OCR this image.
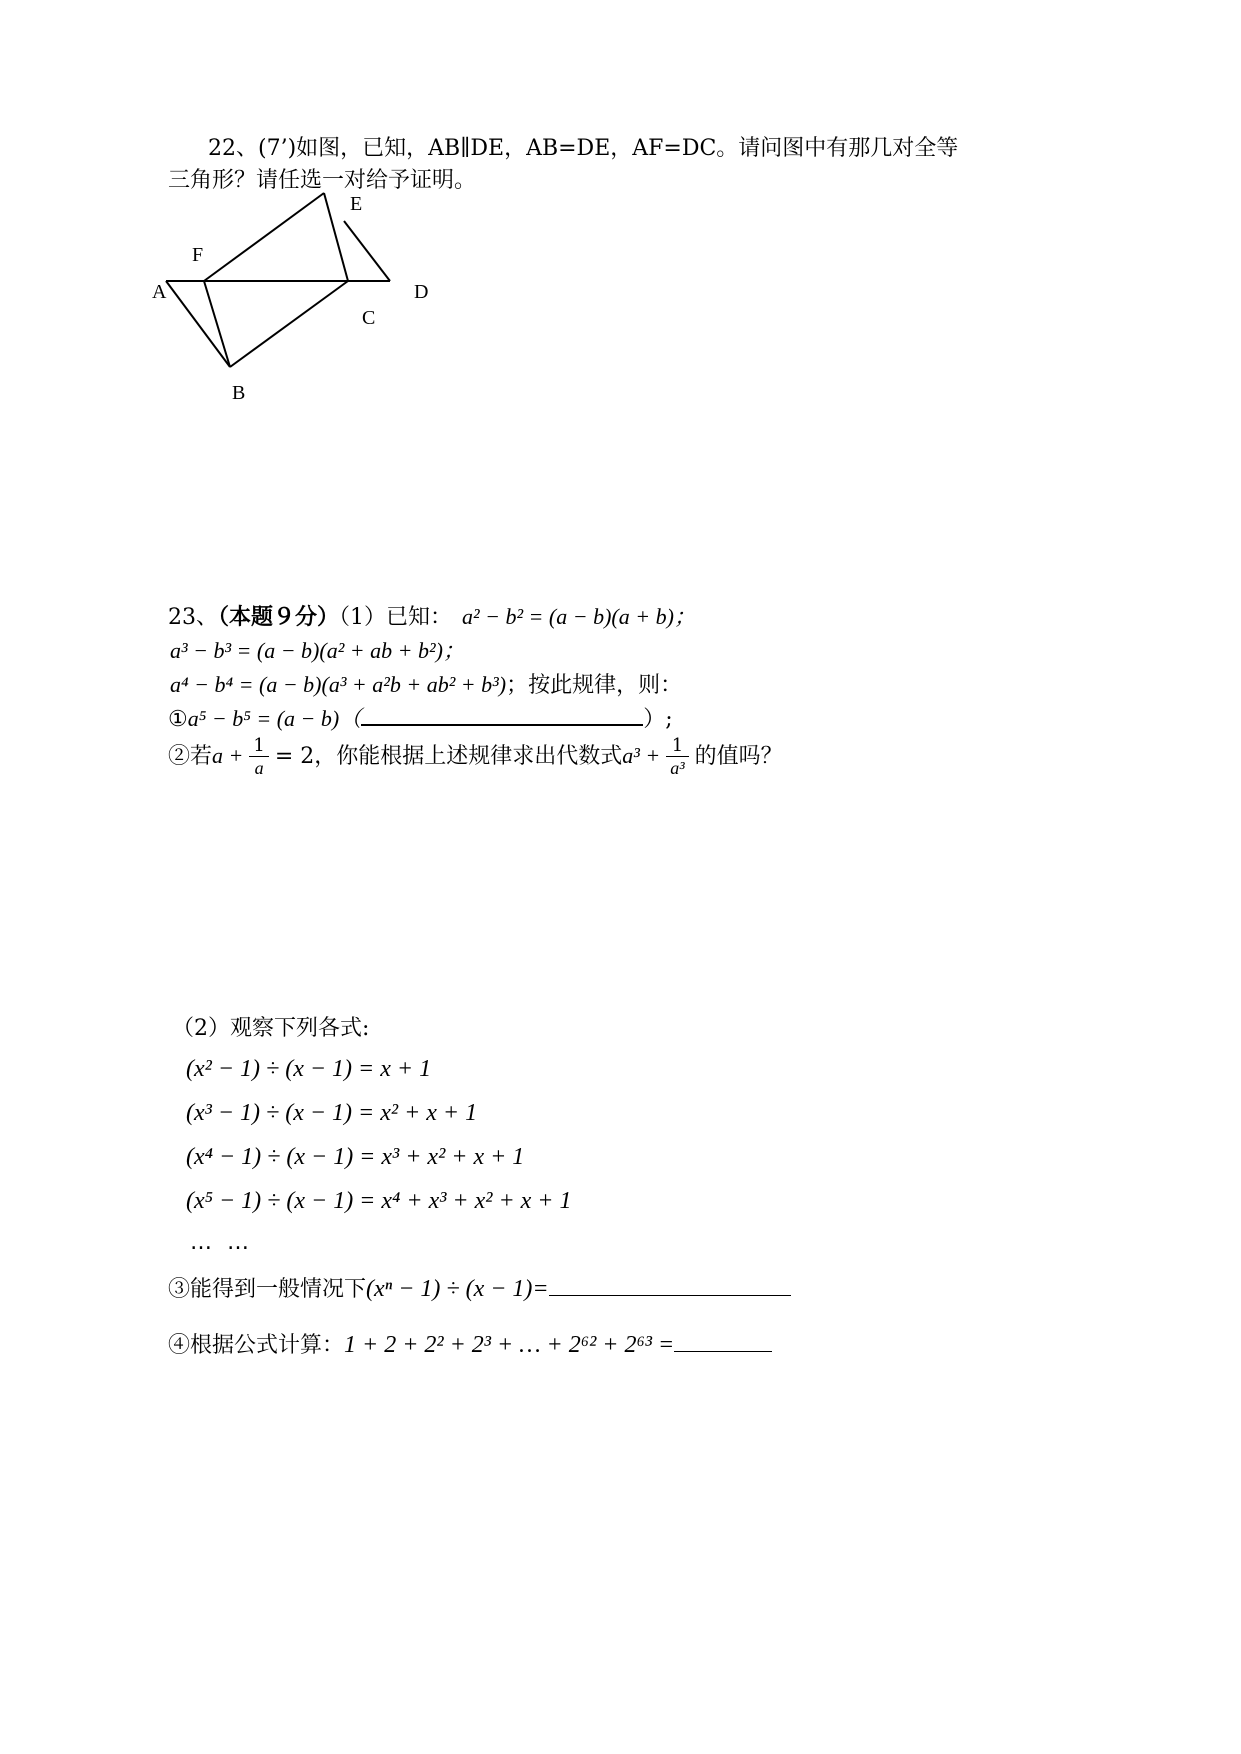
22、(7’)如图，已知，AB∥DE，AB=DE，AF=DC。请问图中有那几对全等
三角形？请任选一对给予证明。
E
F
A	D
C
B
23、（本题９分）（1）已知： a² − b² = (a − b)(a + b)；
a³ − b³ = (a − b)(a² + ab + b²)；
a⁴ − b⁴ = (a − b)(a³ + a²b + ab² + b³)；按此规律，则：
①a⁵ − b⁵ = (a − b)（	）;
②若$a + \frac{1}{a} = 2$，你能根据上述规律求出代数式$a^3 + \frac{1}{\text{a³}}$ 的值吗？
（2）观察下列各式:
(x² − 1) ÷ (x − 1) = x + 1
(x³ − 1) ÷ (x − 1) = x² + x + 1
(x⁴ − 1) ÷ (x − 1) = x³ + x² + x + 1
(x⁵ − 1) ÷ (x − 1) = x⁴ + x³ + x² + x + 1
… …
③能得到一般情况下(xⁿ − 1) ÷ (x − 1)=
④根据公式计算：1 + 2 + 2² + 2³ + … + 2⁶² + 2⁶³ =
